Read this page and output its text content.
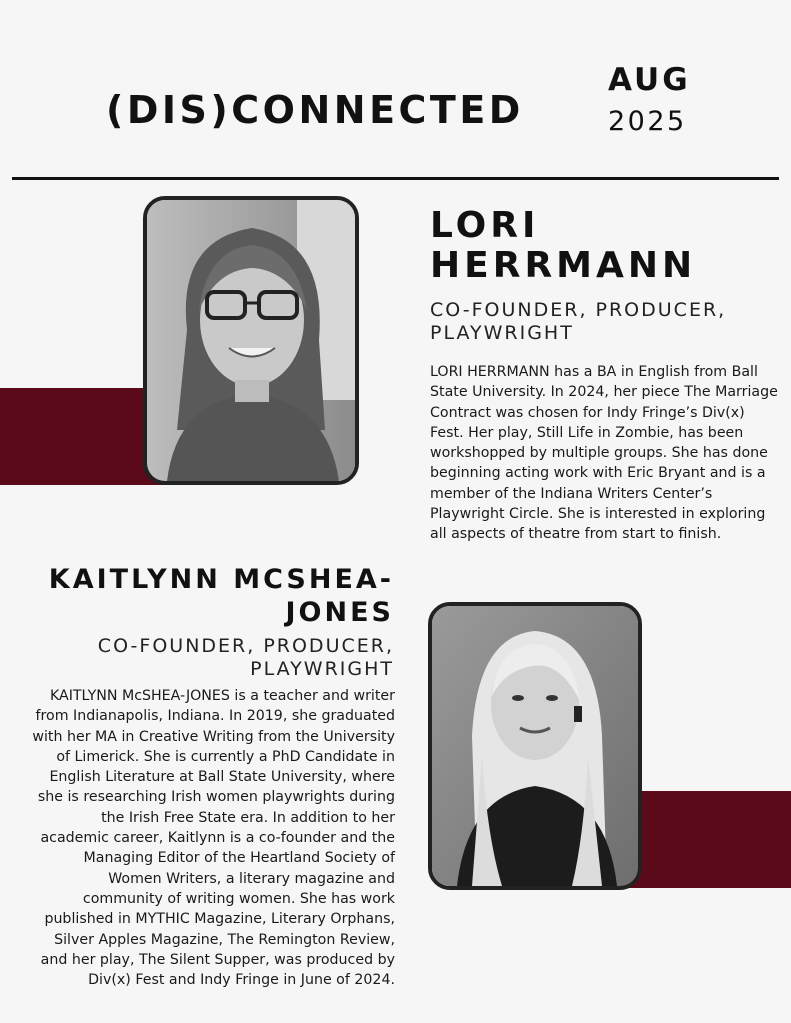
(DIS)CONNECTED
AUG
2025
LORI HERRMANN
CO-FOUNDER, PRODUCER, PLAYWRIGHT
LORI HERRMANN has a BA in English from Ball State University. In 2024, her piece The Marriage Contract was chosen for Indy Fringe’s Div(x) Fest. Her play, Still Life in Zombie, has been workshopped by multiple groups. She has done beginning acting work with Eric Bryant and is a member of the Indiana Writers Center’s Playwright Circle. She is interested in exploring all aspects of theatre from start to finish.
KAITLYNN MCSHEA-JONES
CO-FOUNDER, PRODUCER, PLAYWRIGHT
KAITLYNN McSHEA-JONES is a teacher and writer from Indianapolis, Indiana. In 2019, she graduated with her MA in Creative Writing from the University of Limerick. She is currently a PhD Candidate in English Literature at Ball State University, where she is researching Irish women playwrights during the Irish Free State era. In addition to her academic career, Kaitlynn is a co-founder and the Managing Editor of the Heartland Society of Women Writers, a literary magazine and community of writing women. She has work published in MYTHIC Magazine, Literary Orphans, Silver Apples Magazine, The Remington Review, and her play, The Silent Supper, was produced by Div(x) Fest and Indy Fringe in June of 2024.
